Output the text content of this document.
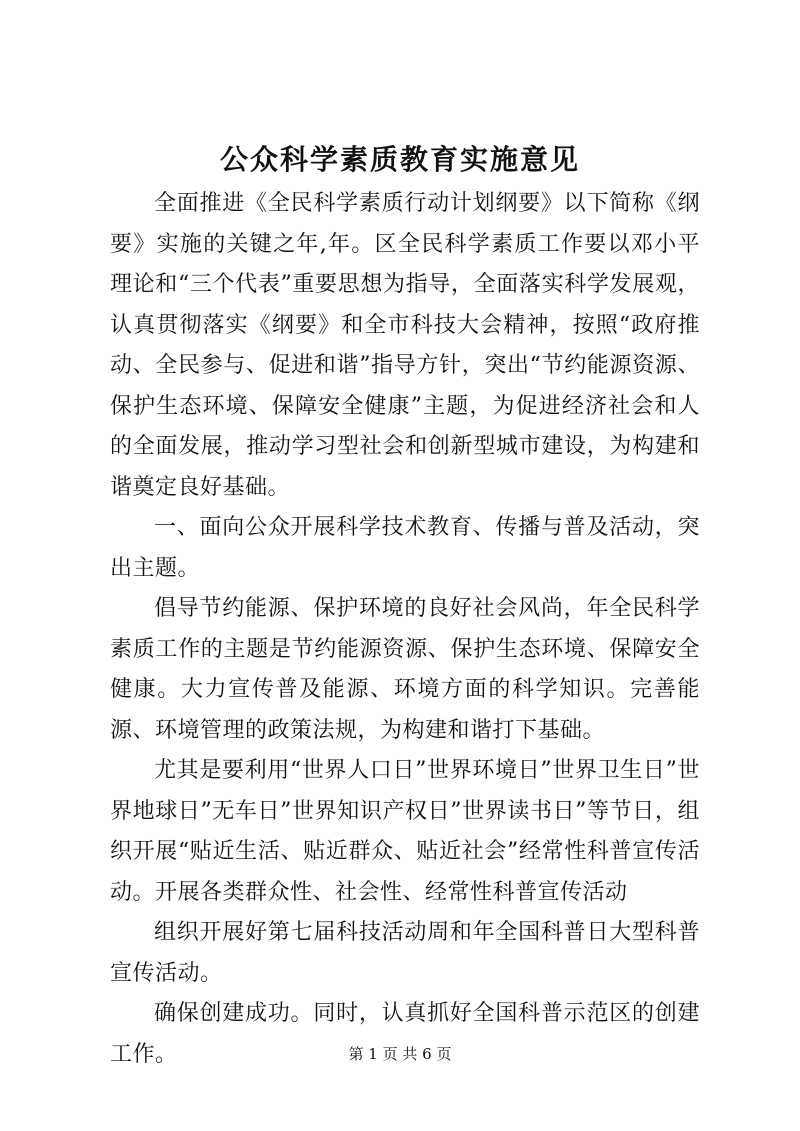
公众科学素质教育实施意见

全面推进《全民科学素质行动计划纲要》以下简称《纲要》实施的关键之年,年。区全民科学素质工作要以邓小平理论和“三个代表”重要思想为指导，全面落实科学发展观，认真贯彻落实《纲要》和全市科技大会精神，按照“政府推动、全民参与、促进和谐”指导方针，突出“节约能源资源、保护生态环境、保障安全健康”主题，为促进经济社会和人的全面发展，推动学习型社会和创新型城市建设，为构建和谐奠定良好基础。

一、面向公众开展科学技术教育、传播与普及活动，突出主题。

倡导节约能源、保护环境的良好社会风尚，年全民科学素质工作的主题是节约能源资源、保护生态环境、保障安全健康。大力宣传普及能源、环境方面的科学知识。完善能源、环境管理的政策法规，为构建和谐打下基础。

尤其是要利用“世界人口日”世界环境日”世界卫生日”世界地球日”无车日”世界知识产权日”世界读书日”等节日，组织开展“贴近生活、贴近群众、贴近社会”经常性科普宣传活动。开展各类群众性、社会性、经常性科普宣传活动

组织开展好第七届科技活动周和年全国科普日大型科普宣传活动。

确保创建成功。同时，认真抓好全国科普示范区的创建工作。	第 1 页 共 6 页
